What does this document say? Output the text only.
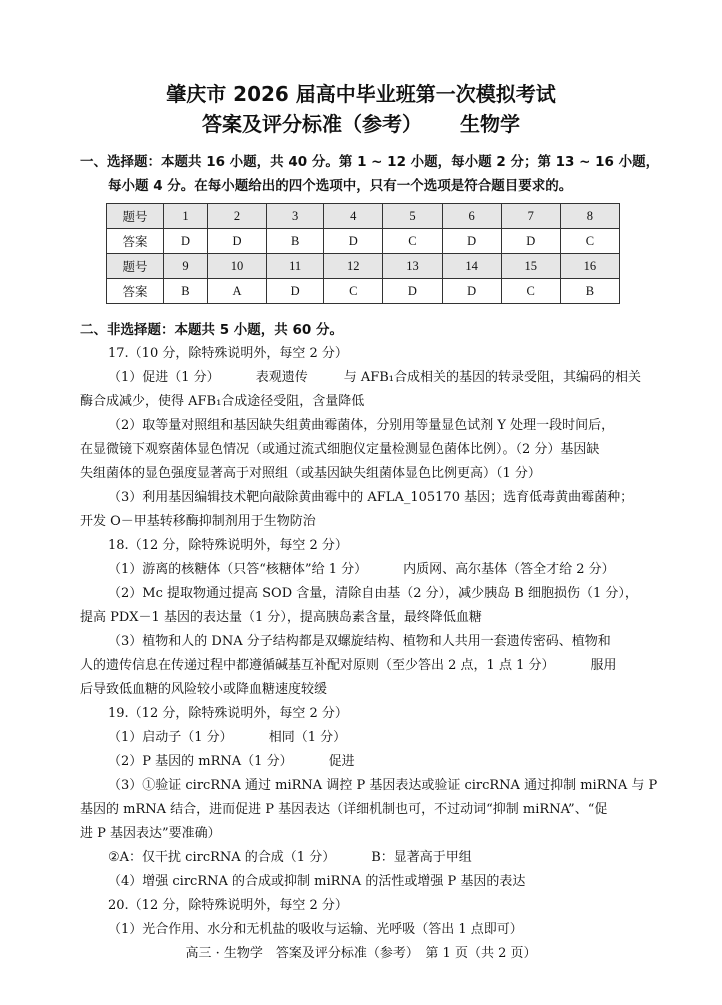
肇庆市 2026 届高中毕业班第一次模拟考试
答案及评分标准（参考） 生物学
一、选择题：本题共 16 小题，共 40 分。第 1 ~ 12 小题，每小题 2 分；第 13 ~ 16 小题，
每小题 4 分。在每小题给出的四个选项中，只有一个选项是符合题目要求的。
题号	1	2	3	4	5	6	7	8
答案	D	D	B	D	C	D	D	C
题号	9	10	11	12	13	14	15	16
答案	B	A	D	C	D	D	C	B
二、非选择题：本题共 5 小题，共 60 分。
17.（10 分，除特殊说明外，每空 2 分）
（1）促进（1 分）	表观遗传	与 AFB₁合成相关的基因的转录受阻，其编码的相关
酶合成减少，使得 AFB₁合成途径受阻，含量降低
（2）取等量对照组和基因缺失组黄曲霉菌体，分别用等量显色试剂 Y 处理一段时间后，
在显微镜下观察菌体显色情况（或通过流式细胞仪定量检测显色菌体比例）。（2 分）基因缺
失组菌体的显色强度显著高于对照组（或基因缺失组菌体显色比例更高）（1 分）
（3）利用基因编辑技术靶向敲除黄曲霉中的 AFLA_105170 基因；选育低毒黄曲霉菌种；
开发 O－甲基转移酶抑制剂用于生物防治
18.（12 分，除特殊说明外，每空 2 分）
（1）游离的核糖体（只答“核糖体”给 1 分）	内质网、高尔基体（答全才给 2 分）
（2）Mc 提取物通过提高 SOD 含量，清除自由基（2 分），减少胰岛 B 细胞损伤（1 分），
提高 PDX－1 基因的表达量（1 分），提高胰岛素含量，最终降低血糖
（3）植物和人的 DNA 分子结构都是双螺旋结构、植物和人共用一套遗传密码、植物和
人的遗传信息在传递过程中都遵循碱基互补配对原则（至少答出 2 点，1 点 1 分）	服用
后导致低血糖的风险较小或降血糖速度较缓
19.（12 分，除特殊说明外，每空 2 分）
（1）启动子（1 分）	相同（1 分）
（2）P 基因的 mRNA（1 分）	促进
（3）①验证 circRNA 通过 miRNA 调控 P 基因表达或验证 circRNA 通过抑制 miRNA 与 P
基因的 mRNA 结合，进而促进 P 基因表达（详细机制也可，不过动词“抑制 miRNA”、“促
进 P 基因表达”要准确）
②A：仅干扰 circRNA 的合成（1 分）	B：显著高于甲组
（4）增强 circRNA 的合成或抑制 miRNA 的活性或增强 P 基因的表达
20.（12 分，除特殊说明外，每空 2 分）
（1）光合作用、水分和无机盐的吸收与运输、光呼吸（答出 1 点即可）
高三 · 生物学　答案及评分标准（参考）　第 1 页（共 2 页）
